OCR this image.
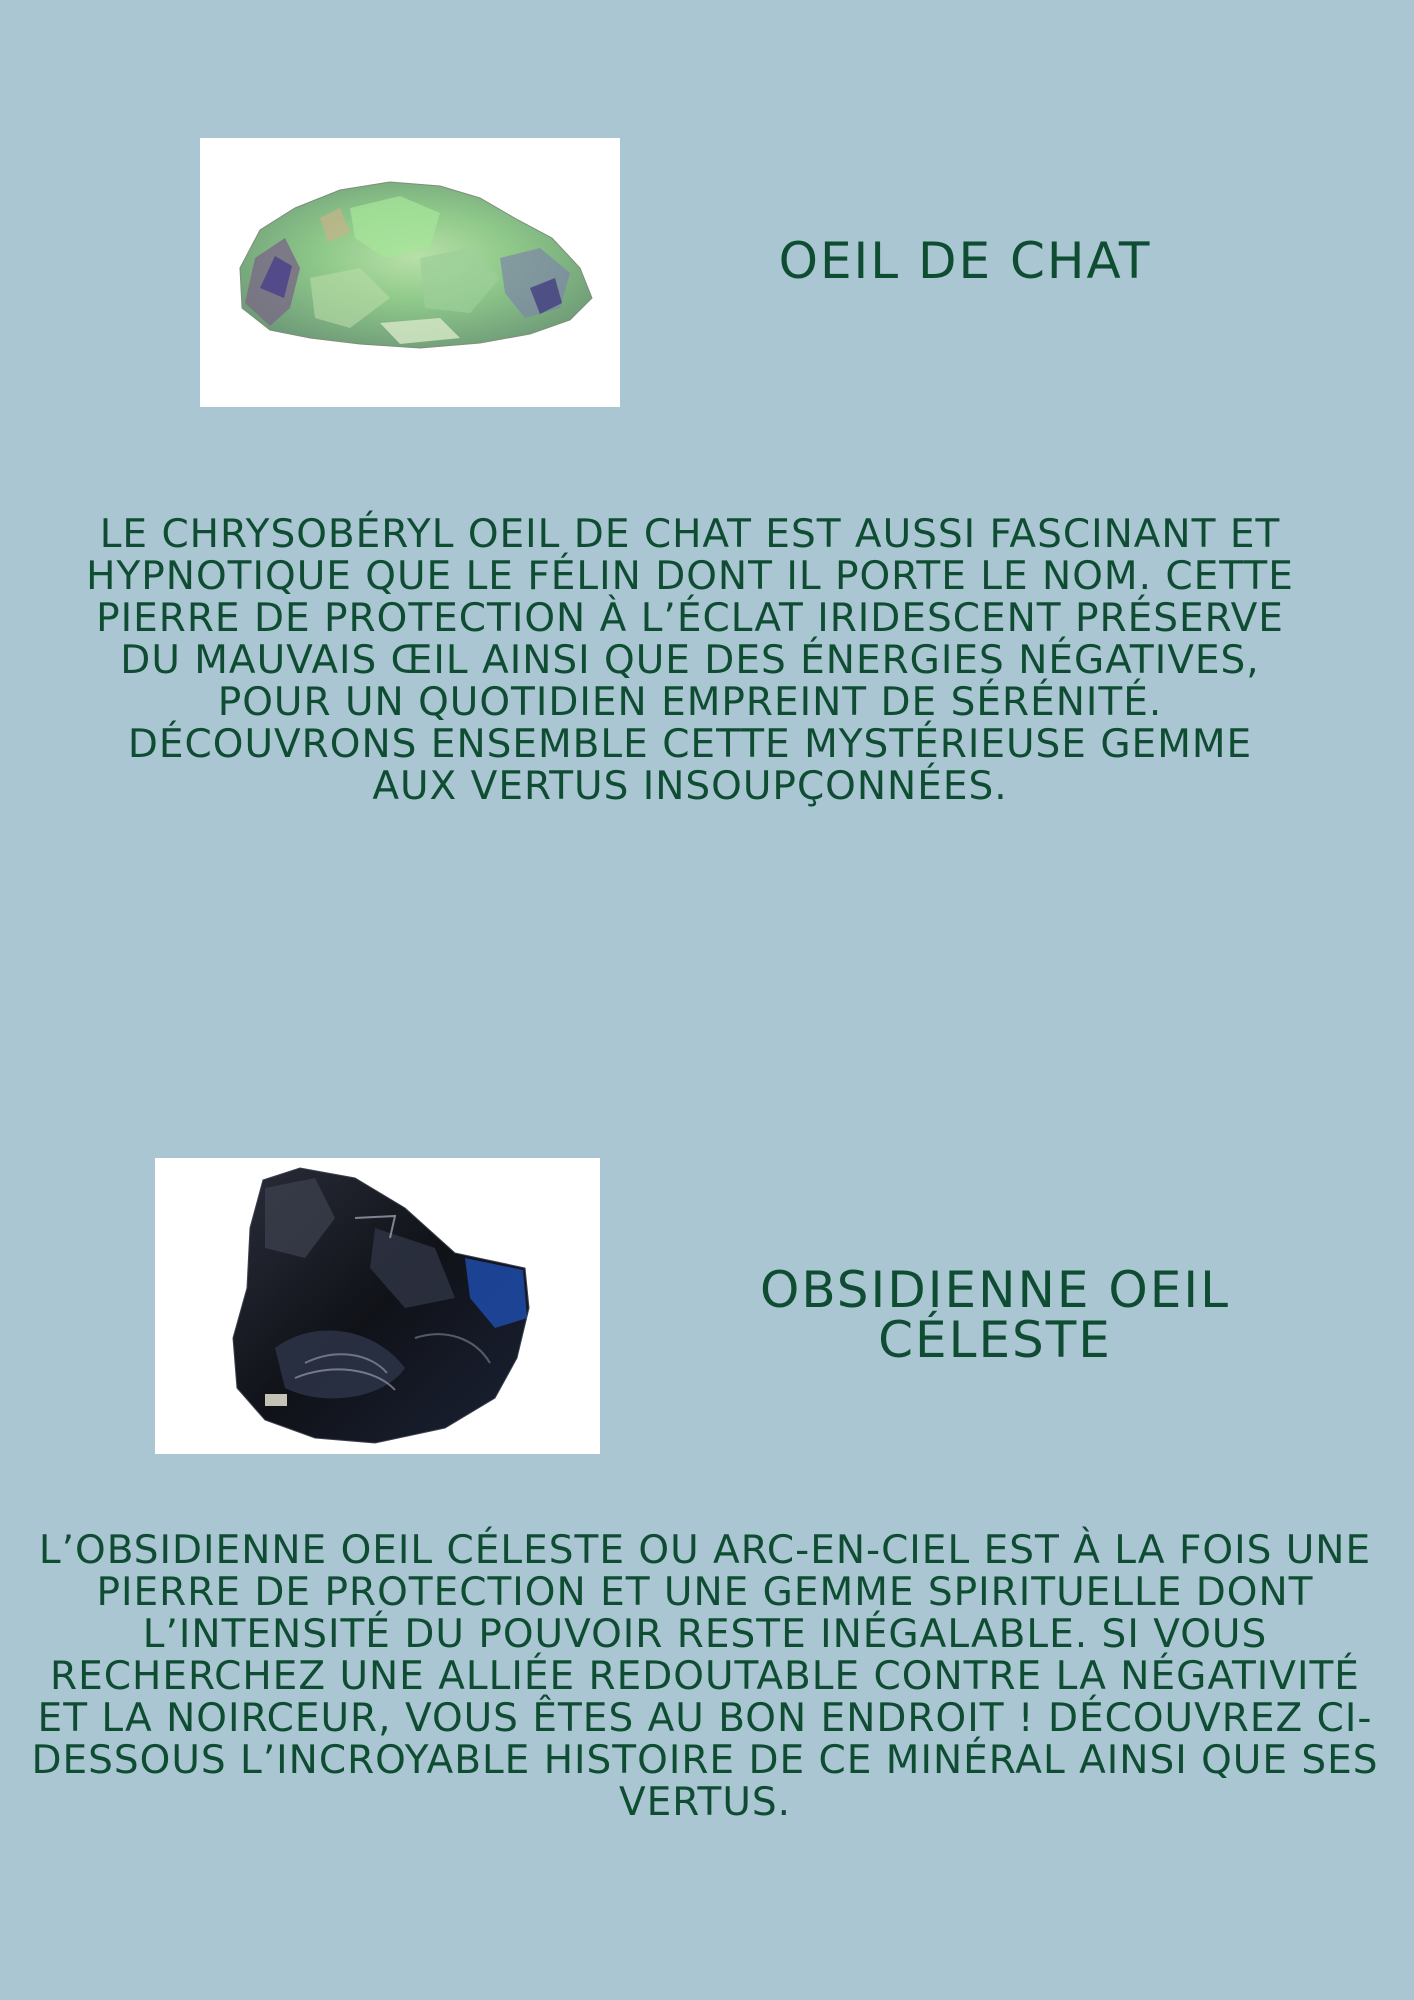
OEIL DE CHAT

LE CHRYSOBÉRYL OEIL DE CHAT EST AUSSI FASCINANT ET HYPNOTIQUE QUE LE FÉLIN DONT IL PORTE LE NOM. CETTE PIERRE DE PROTECTION À L’ÉCLAT IRIDESCENT PRÉSERVE DU MAUVAIS ŒIL AINSI QUE DES ÉNERGIES NÉGATIVES, POUR UN QUOTIDIEN EMPREINT DE SÉRÉNITÉ. DÉCOUVRONS ENSEMBLE CETTE MYSTÉRIEUSE GEMME AUX VERTUS INSOUPÇONNÉES.

OBSIDIENNE OEIL CÉLESTE

L’OBSIDIENNE OEIL CÉLESTE OU ARC-EN-CIEL EST À LA FOIS UNE PIERRE DE PROTECTION ET UNE GEMME SPIRITUELLE DONT L’INTENSITÉ DU POUVOIR RESTE INÉGALABLE. SI VOUS RECHERCHEZ UNE ALLIÉE REDOUTABLE CONTRE LA NÉGATIVITÉ ET LA NOIRCEUR, VOUS ÊTES AU BON ENDROIT ! DÉCOUVREZ CI-DESSOUS L’INCROYABLE HISTOIRE DE CE MINÉRAL AINSI QUE SES VERTUS.
